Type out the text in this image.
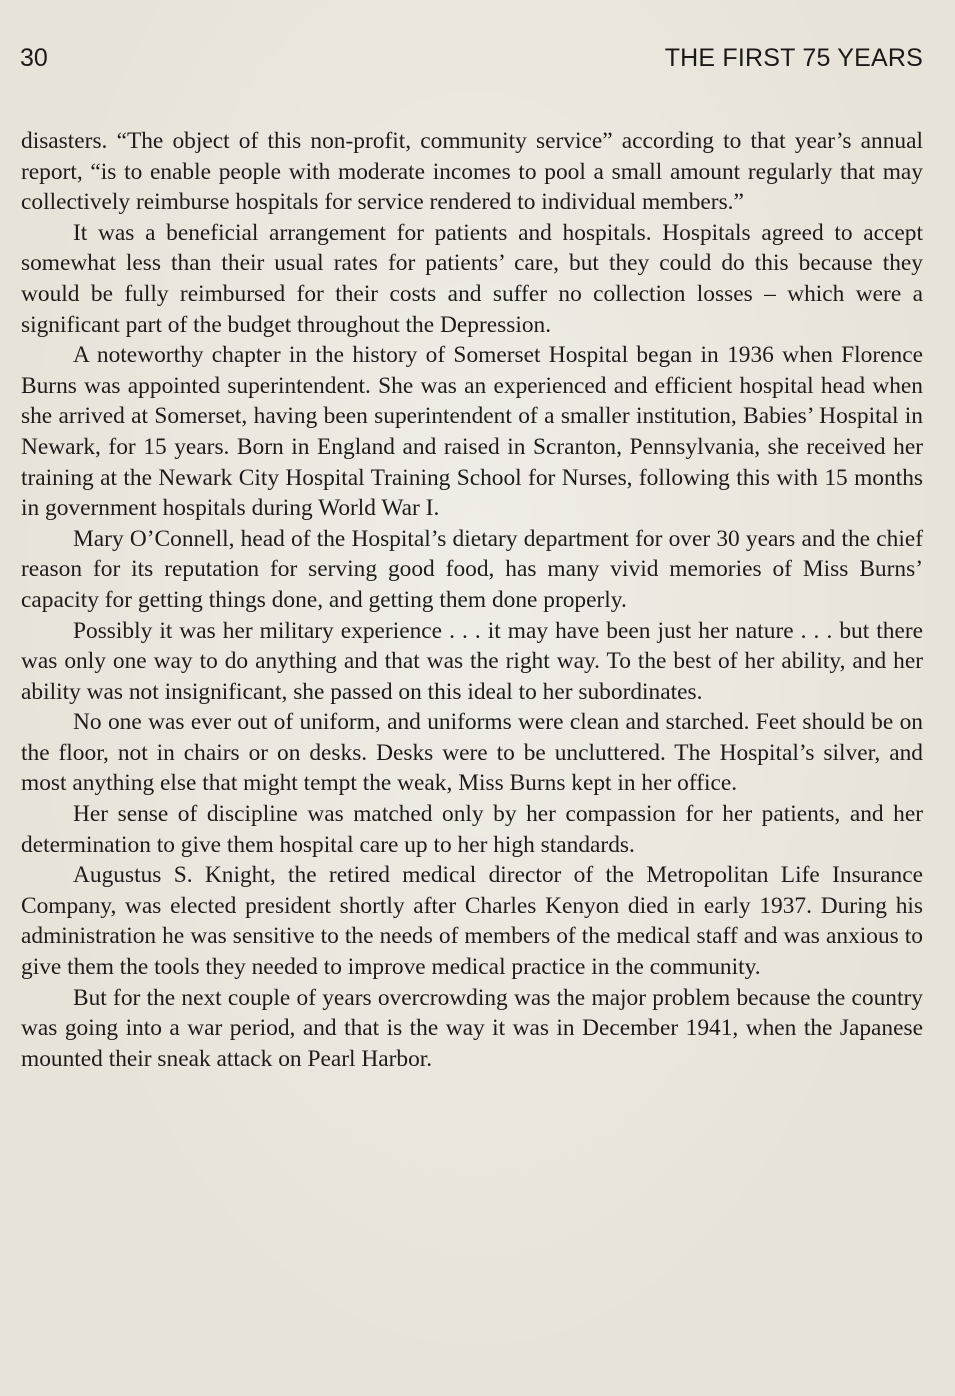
30	THE FIRST 75 YEARS

disasters. “The object of this non-profit, community service” according to that year’s annual report, “is to enable people with moderate incomes to pool a small amount regularly that may collectively reimburse hospitals for service rendered to individual members.”

It was a beneficial arrangement for patients and hospitals. Hospitals agreed to accept somewhat less than their usual rates for patients’ care, but they could do this because they would be fully reimbursed for their costs and suffer no collection losses – which were a significant part of the budget throughout the Depression.

A noteworthy chapter in the history of Somerset Hospital began in 1936 when Florence Burns was appointed superintendent. She was an experienced and efficient hospital head when she arrived at Somerset, having been superintendent of a smaller institution, Babies’ Hospital in Newark, for 15 years. Born in England and raised in Scranton, Pennsylvania, she received her training at the Newark City Hospital Training School for Nurses, following this with 15 months in government hospitals during World War I.

Mary O’Connell, head of the Hospital’s dietary department for over 30 years and the chief reason for its reputation for serving good food, has many vivid memories of Miss Burns’ capacity for getting things done, and getting them done properly.

Possibly it was her military experience . . . it may have been just her nature . . . but there was only one way to do anything and that was the right way. To the best of her ability, and her ability was not insignificant, she passed on this ideal to her subordinates.

No one was ever out of uniform, and uniforms were clean and starched. Feet should be on the floor, not in chairs or on desks. Desks were to be uncluttered. The Hospital’s silver, and most anything else that might tempt the weak, Miss Burns kept in her office.

Her sense of discipline was matched only by her compassion for her patients, and her determination to give them hospital care up to her high standards.

Augustus S. Knight, the retired medical director of the Metropolitan Life Insurance Company, was elected president shortly after Charles Kenyon died in early 1937. During his administration he was sensitive to the needs of members of the medical staff and was anxious to give them the tools they needed to improve medical practice in the community.

But for the next couple of years overcrowding was the major problem because the country was going into a war period, and that is the way it was in December 1941, when the Japanese mounted their sneak attack on Pearl Harbor.
